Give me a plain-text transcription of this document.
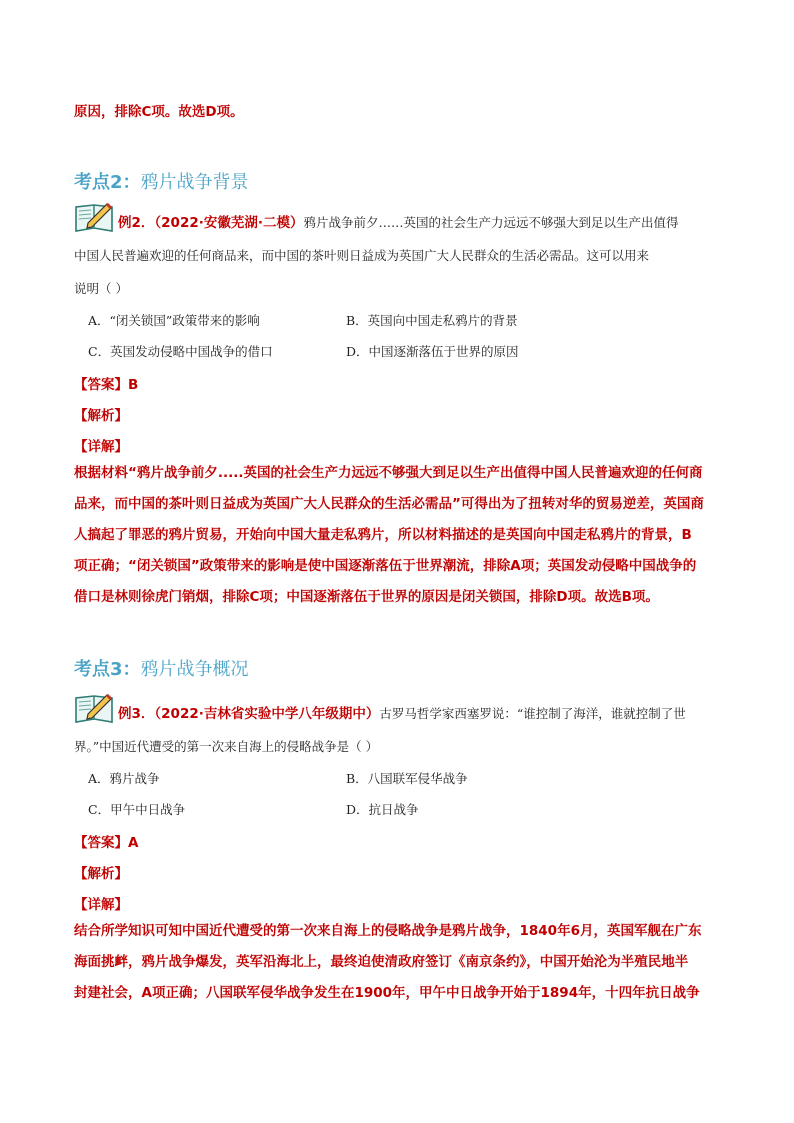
原因，排除C项。故选D项。
考点2：鸦片战争背景
例2．（2022·安徽芜湖·二模）鸦片战争前夕……英国的社会生产力远远不够强大到足以生产出值得
中国人民普遍欢迎的任何商品来，而中国的茶叶则日益成为英国广大人民群众的生活必需品。这可以用来
说明（ ）
A．“闭关锁国”政策带来的影响	B．英国向中国走私鸦片的背景
C．英国发动侵略中国战争的借口	D．中国逐渐落伍于世界的原因
【答案】B
【解析】
【详解】
根据材料“鸦片战争前夕.....英国的社会生产力远远不够强大到足以生产出值得中国人民普遍欢迎的任何商
品来，而中国的茶叶则日益成为英国广大人民群众的生活必需品”可得出为了扭转对华的贸易逆差，英国商
人搞起了罪恶的鸦片贸易，开始向中国大量走私鸦片，所以材料描述的是英国向中国走私鸦片的背景，B
项正确；“闭关锁国”政策带来的影响是使中国逐渐落伍于世界潮流，排除A项；英国发动侵略中国战争的
借口是林则徐虎门销烟，排除C项；中国逐渐落伍于世界的原因是闭关锁国，排除D项。故选B项。
考点3：鸦片战争概况
例3．（2022·吉林省实验中学八年级期中）古罗马哲学家西塞罗说：“谁控制了海洋，谁就控制了世
界。”中国近代遭受的第一次来自海上的侵略战争是（ ）
A．鸦片战争	B．八国联军侵华战争
C．甲午中日战争	D．抗日战争
【答案】A
【解析】
【详解】
结合所学知识可知中国近代遭受的第一次来自海上的侵略战争是鸦片战争，1840年6月，英国军舰在广东
海面挑衅，鸦片战争爆发，英军沿海北上，最终迫使清政府签订《南京条约》，中国开始沦为半殖民地半
封建社会，A项正确；八国联军侵华战争发生在1900年，甲午中日战争开始于1894年，十四年抗日战争
